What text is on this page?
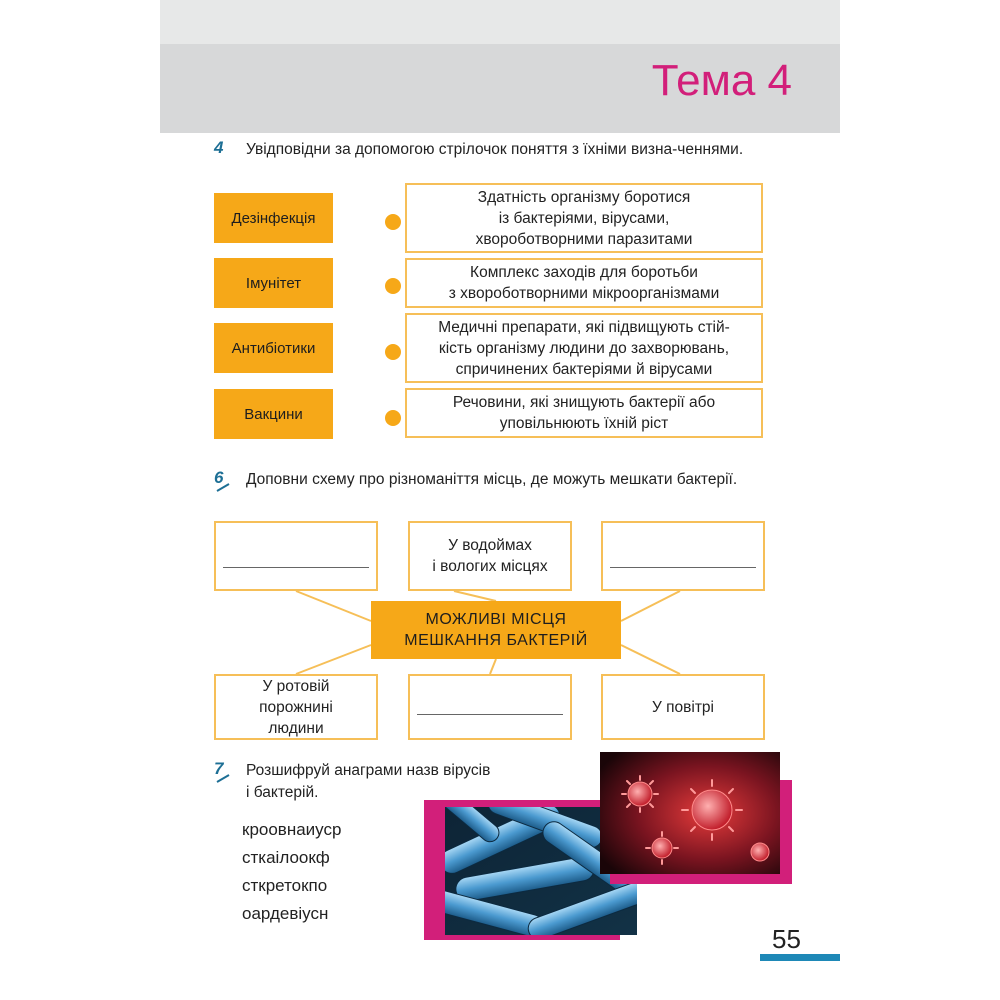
Тема 4
4 Увідповідни за допомогою стрілочок поняття з їхніми визна-ченнями.
Дезінфекція
Імунітет
Антибіотики
Вакцини
Здатність організму боротися
із бактеріями, вірусами,
хвороботворними паразитами
Комплекс заходів для боротьби
з хвороботворними мікроорганізмами
Медичні препарати, які підвищують стій-
кість організму людини до захворювань,
спричинених бактеріями й вірусами
Речовини, які знищують бактерії або
уповільнюють їхній ріст
6 Доповни схему про різноманіття місць, де можуть мешкати бактерії.
У водоймах
і вологих місцях
МОЖЛИВІ МІСЦЯ
МЕШКАННЯ БАКТЕРІЙ
У ротовій
порожнині
людини
У повітрі
7 Розшифруй анаграми назв вірусів
і бактерій.
кроовнаиуср
сткаілоокф
сткретокпо
оардевіусн
55
